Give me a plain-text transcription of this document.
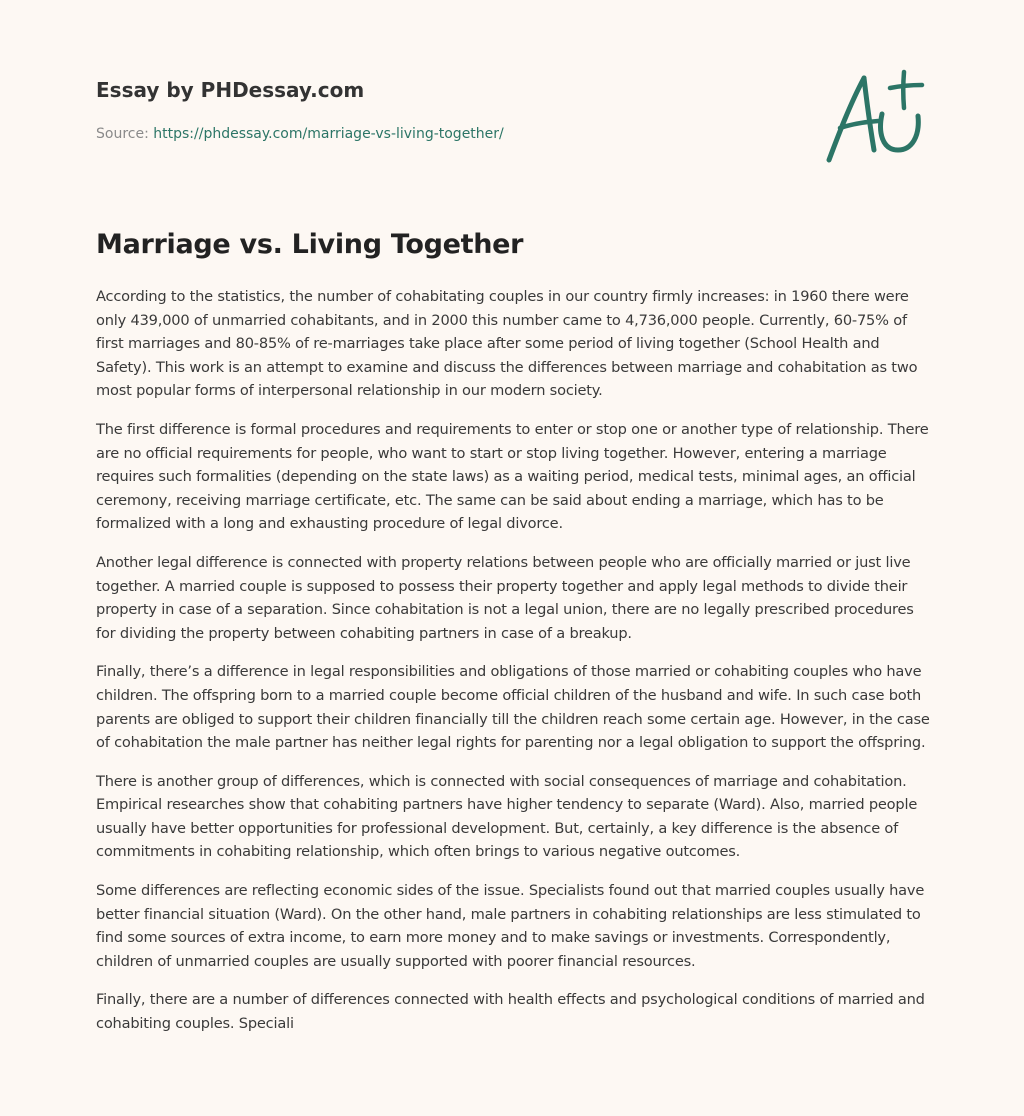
Essay by PHDessay.com
Source: https://phdessay.com/marriage-vs-living-together/
Marriage vs. Living Together

According to the statistics, the number of cohabitating couples in our country firmly increases: in 1960 there were only 439,000 of unmarried cohabitants, and in 2000 this number came to 4,736,000 people. Currently, 60-75% of first marriages and 80-85% of re-marriages take place after some period of living together (School Health and Safety). This work is an attempt to examine and discuss the differences between marriage and cohabitation as two most popular forms of interpersonal relationship in our modern society.

The first difference is formal procedures and requirements to enter or stop one or another type of relationship. There are no official requirements for people, who want to start or stop living together. However, entering a marriage requires such formalities (depending on the state laws) as a waiting period, medical tests, minimal ages, an official ceremony, receiving marriage certificate, etc. The same can be said about ending a marriage, which has to be formalized with a long and exhausting procedure of legal divorce.

Another legal difference is connected with property relations between people who are officially married or just live together. A married couple is supposed to possess their property together and apply legal methods to divide their property in case of a separation. Since cohabitation is not a legal union, there are no legally prescribed procedures for dividing the property between cohabiting partners in case of a breakup.

Finally, there’s a difference in legal responsibilities and obligations of those married or cohabiting couples who have children. The offspring born to a married couple become official children of the husband and wife. In such case both parents are obliged to support their children financially till the children reach some certain age. However, in the case of cohabitation the male partner has neither legal rights for parenting nor a legal obligation to support the offspring.

There is another group of differences, which is connected with social consequences of marriage and cohabitation. Empirical researches show that cohabiting partners have higher tendency to separate (Ward). Also, married people usually have better opportunities for professional development. But, certainly, a key difference is the absence of commitments in cohabiting relationship, which often brings to various negative outcomes.

Some differences are reflecting economic sides of the issue. Specialists found out that married couples usually have better financial situation (Ward). On the other hand, male partners in cohabiting relationships are less stimulated to find some sources of extra income, to earn more money and to make savings or investments. Correspondently, children of unmarried couples are usually supported with poorer financial resources.

Finally, there are a number of differences connected with health effects and psychological conditions of married and cohabiting couples. Speciali
